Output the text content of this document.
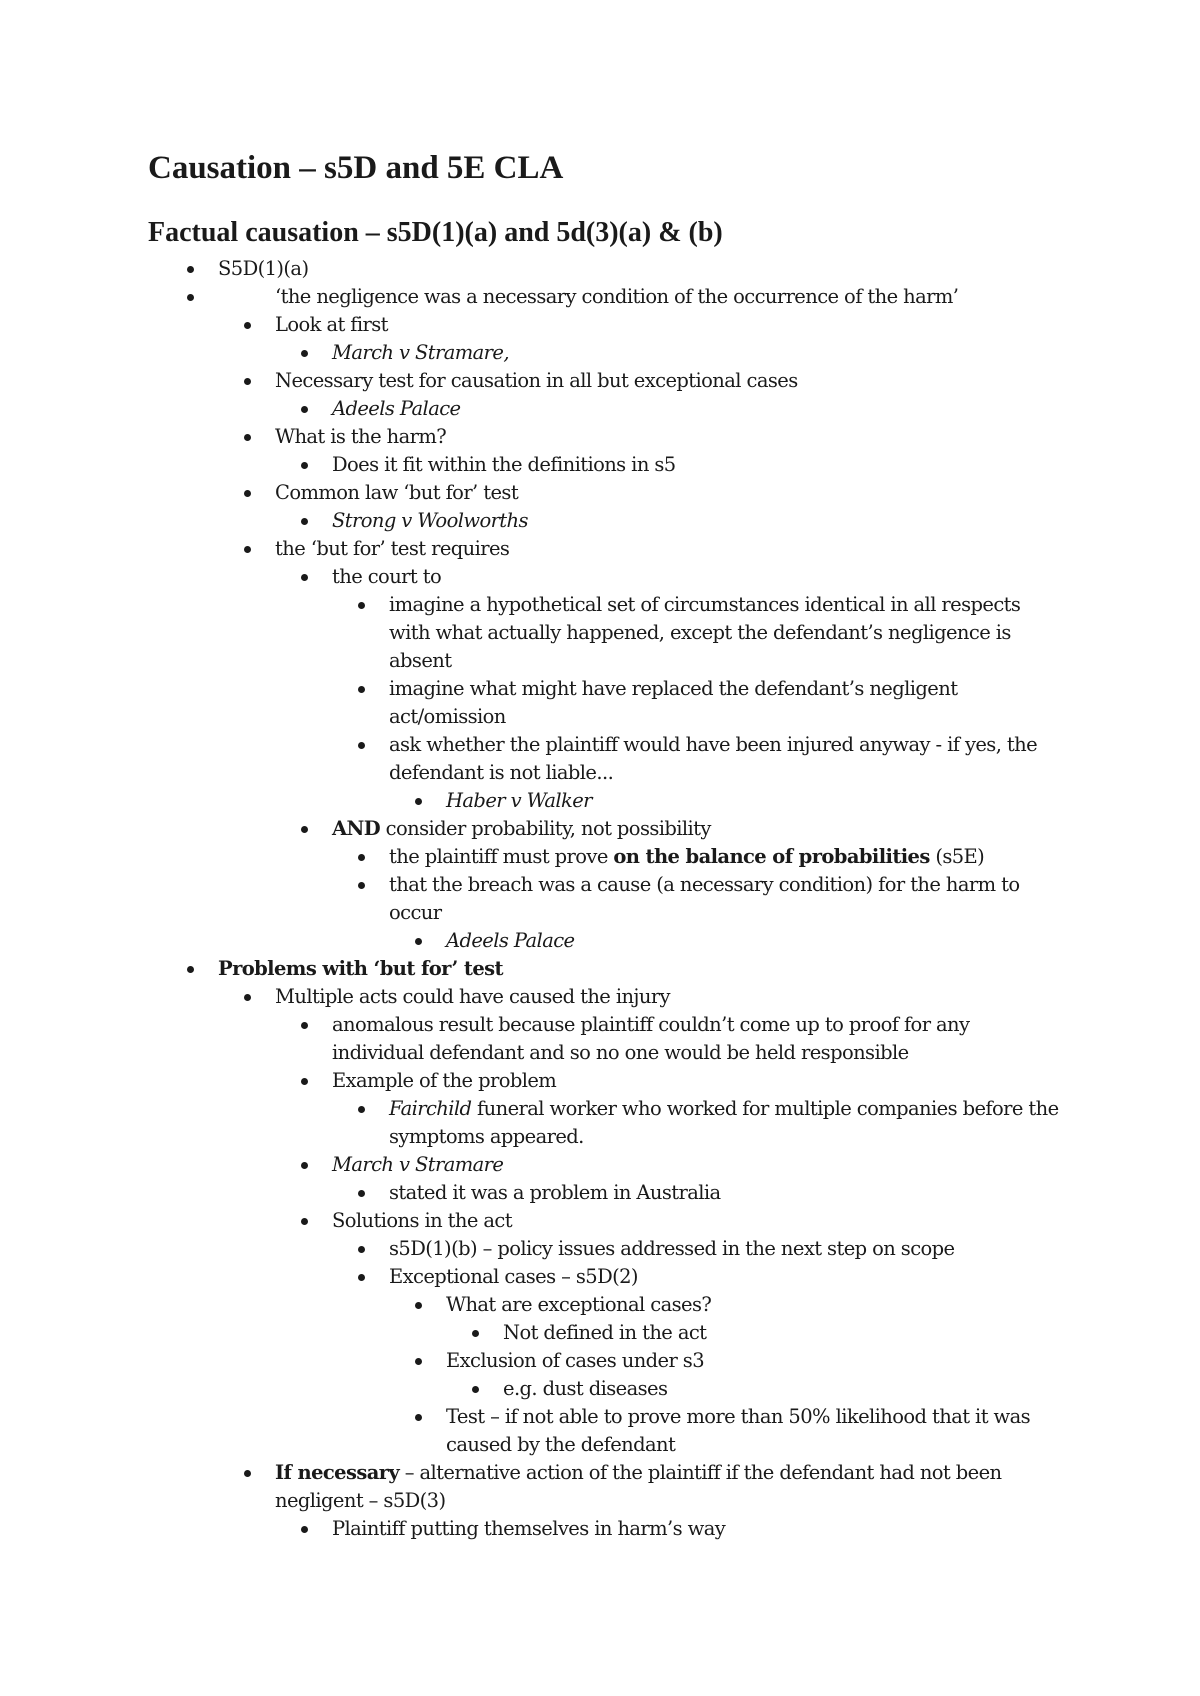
Causation – s5D and 5E CLA
Factual causation – s5D(1)(a) and 5d(3)(a) & (b)
S5D(1)(a)
‘the negligence was a necessary condition of the occurrence of the harm’
Look at first
March v Stramare,
Necessary test for causation in all but exceptional cases
Adeels Palace
What is the harm?
Does it fit within the definitions in s5
Common law ‘but for’ test
Strong v Woolworths
the ‘but for’ test requires
the court to
imagine a hypothetical set of circumstances identical in all respects with what actually happened, except the defendant’s negligence is absent
imagine what might have replaced the defendant’s negligent act/omission
ask whether the plaintiff would have been injured anyway - if yes, the defendant is not liable...
Haber v Walker
AND consider probability, not possibility
the plaintiff must prove on the balance of probabilities (s5E)
that the breach was a cause (a necessary condition) for the harm to occur
Adeels Palace
Problems with ‘but for’ test
Multiple acts could have caused the injury
anomalous result because plaintiff couldn’t come up to proof for any individual defendant and so no one would be held responsible
Example of the problem
Fairchild funeral worker who worked for multiple companies before the symptoms appeared.
March v Stramare
stated it was a problem in Australia
Solutions in the act
s5D(1)(b) – policy issues addressed in the next step on scope
Exceptional cases – s5D(2)
What are exceptional cases?
Not defined in the act
Exclusion of cases under s3
e.g. dust diseases
Test – if not able to prove more than 50% likelihood that it was caused by the defendant
If necessary – alternative action of the plaintiff if the defendant had not been negligent – s5D(3)
Plaintiff putting themselves in harm’s way
